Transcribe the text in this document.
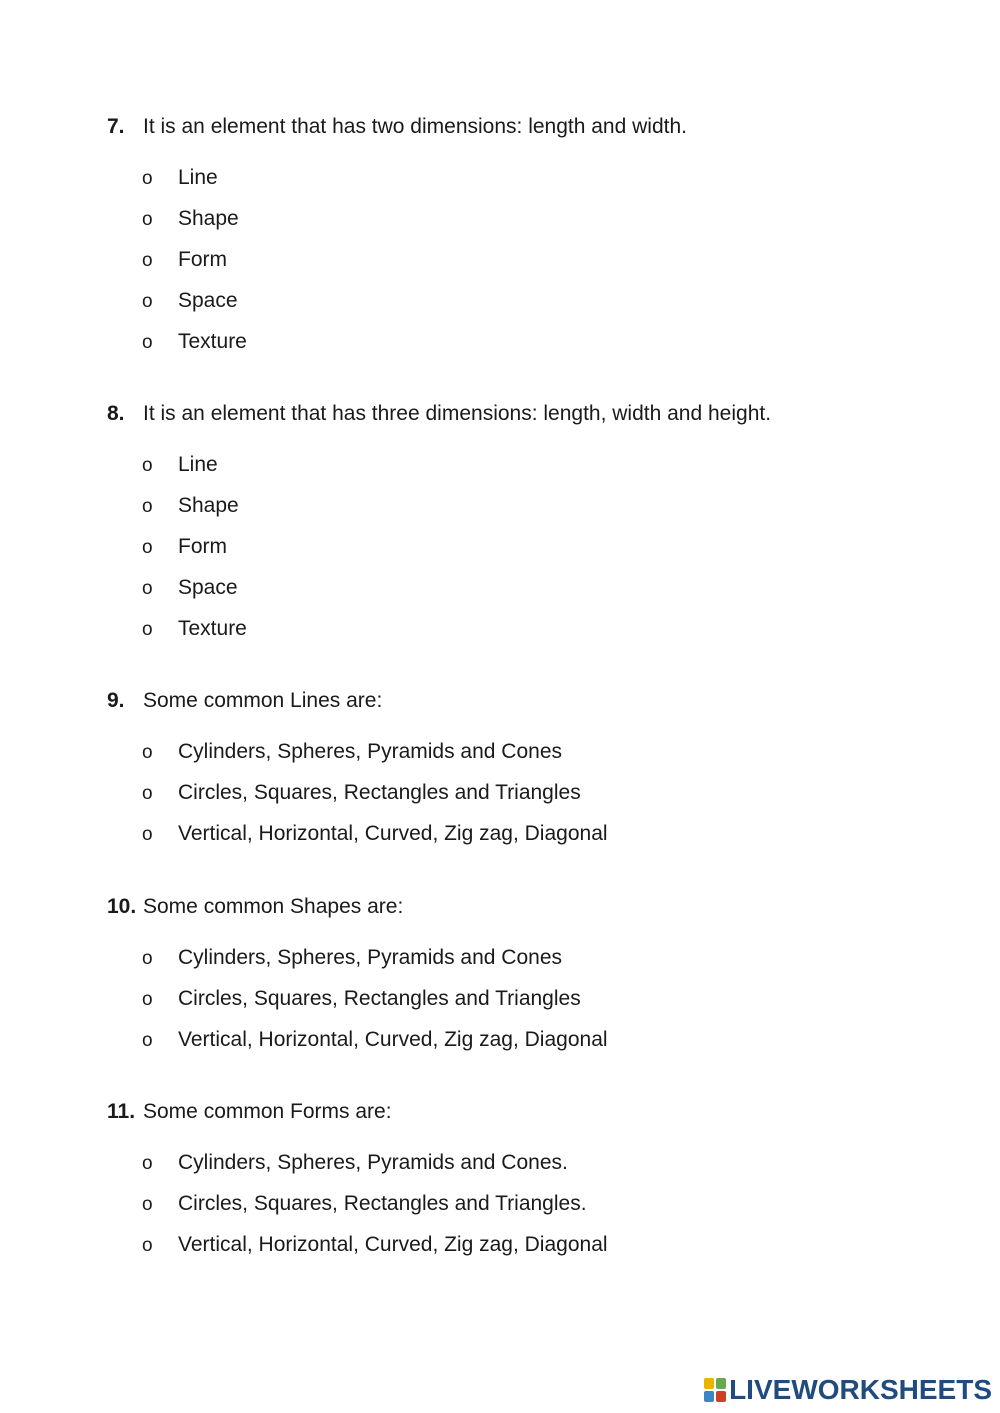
7. It is an element that has two dimensions: length and width.
o Line
o Shape
o Form
o Space
o Texture
8. It is an element that has three dimensions: length, width and height.
o Line
o Shape
o Form
o Space
o Texture
9. Some common Lines are:
o Cylinders, Spheres, Pyramids and Cones
o Circles, Squares, Rectangles and Triangles
o Vertical, Horizontal, Curved, Zig zag, Diagonal
10. Some common Shapes are:
o Cylinders, Spheres, Pyramids and Cones
o Circles, Squares, Rectangles and Triangles
o Vertical, Horizontal, Curved, Zig zag, Diagonal
11. Some common Forms are:
o Cylinders, Spheres, Pyramids and Cones.
o Circles, Squares, Rectangles and Triangles.
o Vertical, Horizontal, Curved, Zig zag, Diagonal
LIVEWORKSHEETS
